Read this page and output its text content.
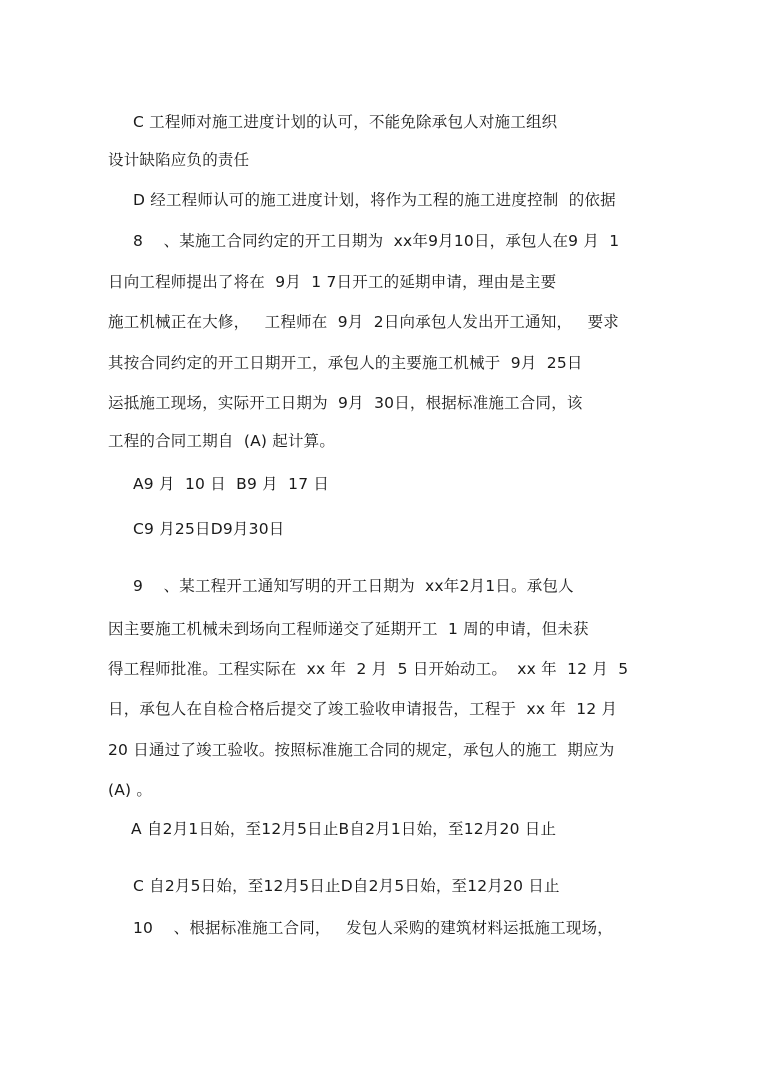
C 工程师对施工进度计划的认可，不能免除承包人对施工组织
设计缺陷应负的责任
D 经工程师认可的施工进度计划，将作为工程的施工进度控制  的依据
8    、某施工合同约定的开工日期为  xx年9月10日，承包人在9 月  1
日向工程师提出了将在  9月  1 7日开工的延期申请，理由是主要
施工机械正在大修，   工程师在  9月  2日向承包人发出开工通知，   要求
其按合同约定的开工日期开工，承包人的主要施工机械于  9月  25日
运抵施工现场，实际开工日期为  9月  30日，根据标准施工合同，该
工程的合同工期自  (A) 起计算。
A9 月  10 日  B9 月  17 日
C9 月25日D9月30日
9    、某工程开工通知写明的开工日期为  xx年2月1日。承包人
因主要施工机械未到场向工程师递交了延期开工  1 周的申请，但未获
得工程师批准。工程实际在  xx 年  2 月  5 日开始动工。  xx 年  12 月  5
日，承包人在自检合格后提交了竣工验收申请报告，工程于  xx 年  12 月
20 日通过了竣工验收。按照标准施工合同的规定，承包人的施工  期应为
(A) 。
A 自2月1日始，至12月5日止B自2月1日始，至12月20 日止
C 自2月5日始，至12月5日止D自2月5日始，至12月20 日止
10    、根据标准施工合同，   发包人采购的建筑材料运抵施工现场，
